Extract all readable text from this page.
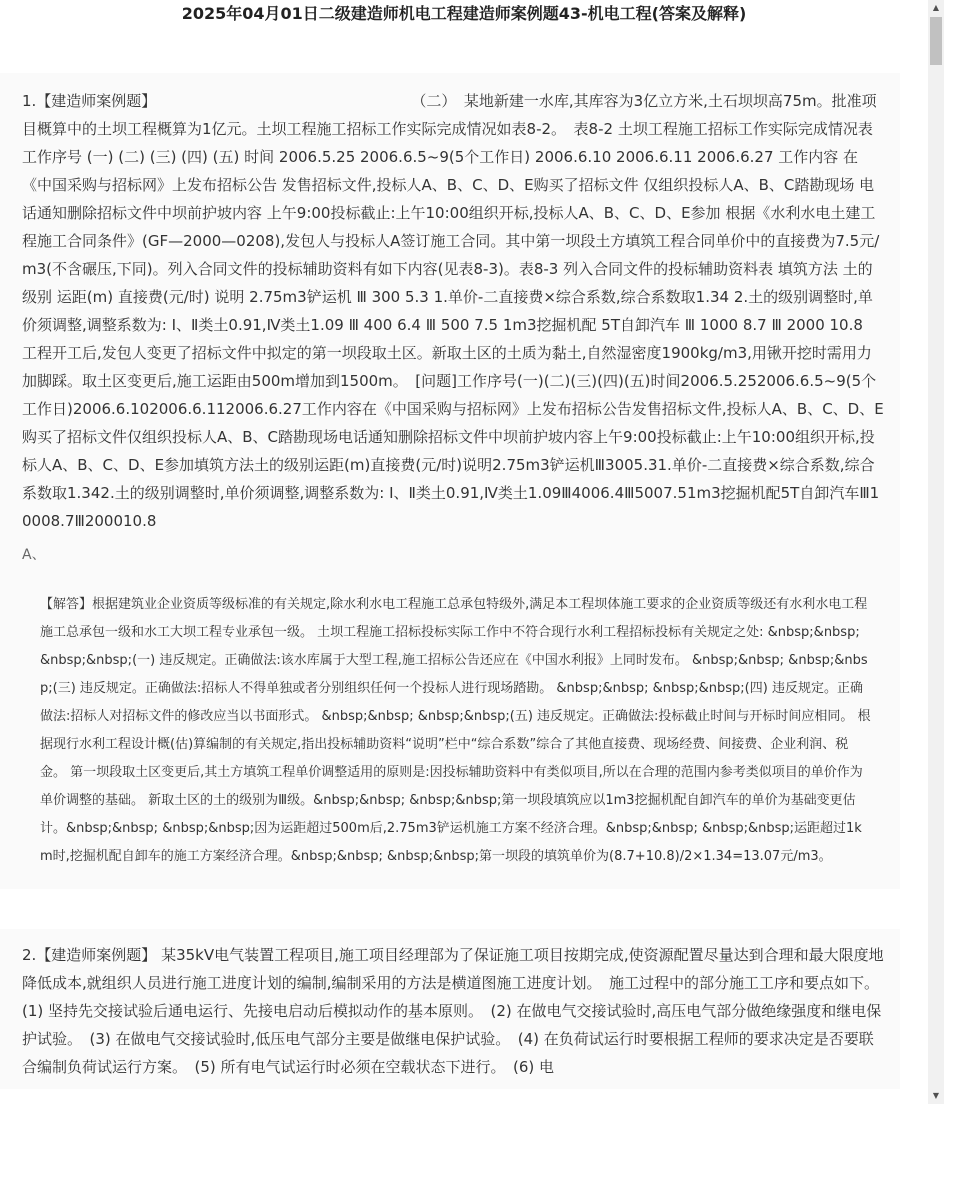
2025年04月01日二级建造师机电工程建造师案例题43-机电工程(答案及解释)
1.【建造师案例题】　　　　　　　　　　　　　　　　　　（二）　某地新建一水库,其库容为3亿立方米,土石坝坝高75m。批准项目概算中的土坝工程概算为1亿元。土坝工程施工招标工作实际完成情况如表8-2。　表8-2 土坝工程施工招标工作实际完成情况表 工作序号 (一) (二) (三) (四) (五) 时间 2006.5.25 2006.6.5~9(5个工作日) 2006.6.10 2006.6.11 2006.6.27 工作内容 在《中国采购与招标网》上发布招标公告 发售招标文件,投标人A、B、C、D、E购买了招标文件 仅组织投标人A、B、C踏勘现场 电话通知删除招标文件中坝前护坡内容 上午9:00投标截止:上午10:00组织开标,投标人A、B、C、D、E参加 根据《水利水电土建工程施工合同条件》(GF—2000—0208),发包人与投标人A签订施工合同。其中第一坝段土方填筑工程合同单价中的直接费为7.5元/m3(不含碾压,下同)。列入合同文件的投标辅助资料有如下内容(见表8-3)。表8-3 列入合同文件的投标辅助资料表 填筑方法 土的级别 运距(m) 直接费(元/时) 说明 2.75m3铲运机 Ⅲ 300 5.3 1.单价-二直接费×综合系数,综合系数取1.34 2.土的级别调整时,单价须调整,调整系数为: Ⅰ、Ⅱ类土0.91,Ⅳ类土1.09 Ⅲ 400 6.4 Ⅲ 500 7.5 1m3挖掘机配 5T自卸汽车 Ⅲ 1000 8.7 Ⅲ 2000 10.8　工程开工后,发包人变更了招标文件中拟定的第一坝段取土区。新取土区的土质为黏土,自然湿密度1900kg/m3,用锹开挖时需用力加脚踩。取土区变更后,施工运距由500m增加到1500m。　[问题]工作序号(一)(二)(三)(四)(五)时间2006.5.252006.6.5~9(5个工作日)2006.6.102006.6.112006.6.27工作内容在《中国采购与招标网》上发布招标公告发售招标文件,投标人A、B、C、D、E购买了招标文件仅组织投标人A、B、C踏勘现场电话通知删除招标文件中坝前护坡内容上午9:00投标截止:上午10:00组织开标,投标人A、B、C、D、E参加填筑方法土的级别运距(m)直接费(元/时)说明2.75m3铲运机Ⅲ3005.31.单价-二直接费×综合系数,综合系数取1.342.土的级别调整时,单价须调整,调整系数为: Ⅰ、Ⅱ类土0.91,Ⅳ类土1.09Ⅲ4006.4Ⅲ5007.51m3挖掘机配5T自卸汽车Ⅲ10008.7Ⅲ200010.8
A、
【解答】根据建筑业企业资质等级标准的有关规定,除水利水电工程施工总承包特级外,满足本工程坝体施工要求的企业资质等级还有水利水电工程施工总承包一级和水工大坝工程专业承包一级。 土坝工程施工招标投标实际工作中不符合现行水利工程招标投标有关规定之处: &nbsp;&nbsp; &nbsp;&nbsp;(一) 违反规定。正确做法:该水库属于大型工程,施工招标公告还应在《中国水利报》上同时发布。 &nbsp;&nbsp; &nbsp;&nbsp;(三) 违反规定。正确做法:招标人不得单独或者分别组织任何一个投标人进行现场踏勘。 &nbsp;&nbsp; &nbsp;&nbsp;(四) 违反规定。正确做法:招标人对招标文件的修改应当以书面形式。 &nbsp;&nbsp; &nbsp;&nbsp;(五) 违反规定。正确做法:投标截止时间与开标时间应相同。 根据现行水利工程设计概(估)算编制的有关规定,指出投标辅助资料“说明”栏中“综合系数”综合了其他直接费、现场经费、间接费、企业利润、税金。 第一坝段取土区变更后,其土方填筑工程单价调整适用的原则是:因投标辅助资料中有类似项目,所以在合理的范围内参考类似项目的单价作为单价调整的基础。 新取土区的土的级别为Ⅲ级。&nbsp;&nbsp; &nbsp;&nbsp;第一坝段填筑应以1m3挖掘机配自卸汽车的单价为基础变更估计。&nbsp;&nbsp; &nbsp;&nbsp;因为运距超过500m后,2.75m3铲运机施工方案不经济合理。&nbsp;&nbsp; &nbsp;&nbsp;运距超过1km时,挖掘机配自卸车的施工方案经济合理。&nbsp;&nbsp; &nbsp;&nbsp;第一坝段的填筑单价为(8.7+10.8)/2×1.34=13.07元/m3。
2.【建造师案例题】 某35kV电气装置工程项目,施工项目经理部为了保证施工项目按期完成,使资源配置尽量达到合理和最大限度地降低成本,就组织人员进行施工进度计划的编制,编制采用的方法是横道图施工进度计划。　施工过程中的部分施工工序和要点如下。　(1) 坚持先交接试验后通电运行、先接电启动后模拟动作的基本原则。　(2) 在做电气交接试验时,高压电气部分做绝缘强度和继电保护试验。　(3) 在做电气交接试验时,低压电气部分主要是做继电保护试验。　(4) 在负荷试运行时要根据工程师的要求决定是否要联合编制负荷试运行方案。　(5) 所有电气试运行时必须在空载状态下进行。　(6) 电
▲
▼
